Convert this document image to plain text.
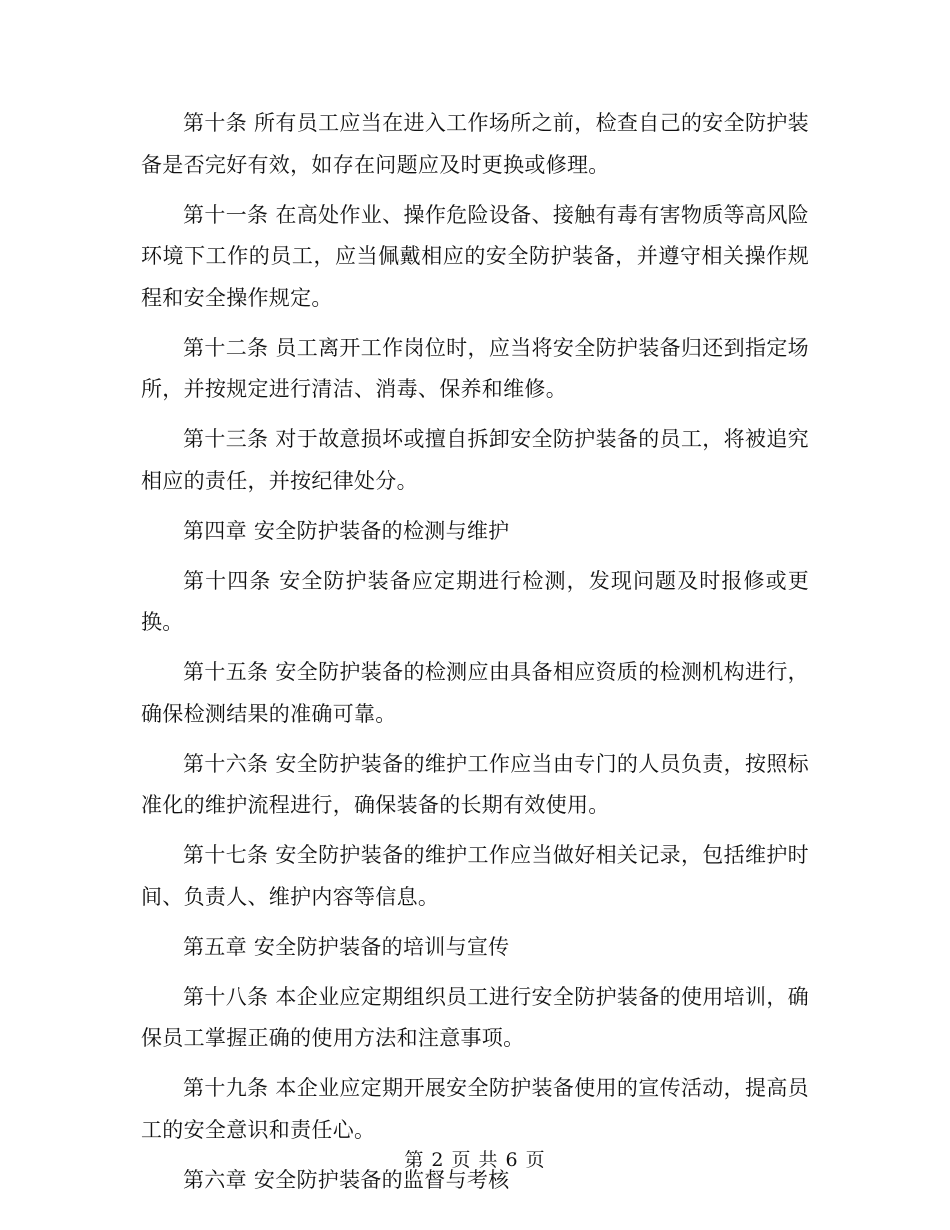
第十条 所有员工应当在进入工作场所之前，检查自己的安全防护装备是否完好有效，如存在问题应及时更换或修理。

第十一条 在高处作业、操作危险设备、接触有毒有害物质等高风险环境下工作的员工，应当佩戴相应的安全防护装备，并遵守相关操作规程和安全操作规定。

第十二条 员工离开工作岗位时，应当将安全防护装备归还到指定场所，并按规定进行清洁、消毒、保养和维修。

第十三条 对于故意损坏或擅自拆卸安全防护装备的员工，将被追究相应的责任，并按纪律处分。

第四章 安全防护装备的检测与维护

第十四条 安全防护装备应定期进行检测，发现问题及时报修或更换。

第十五条 安全防护装备的检测应由具备相应资质的检测机构进行，确保检测结果的准确可靠。

第十六条 安全防护装备的维护工作应当由专门的人员负责，按照标准化的维护流程进行，确保装备的长期有效使用。

第十七条 安全防护装备的维护工作应当做好相关记录，包括维护时间、负责人、维护内容等信息。

第五章 安全防护装备的培训与宣传

第十八条 本企业应定期组织员工进行安全防护装备的使用培训，确保员工掌握正确的使用方法和注意事项。

第十九条 本企业应定期开展安全防护装备使用的宣传活动，提高员工的安全意识和责任心。

第六章 安全防护装备的监督与考核

第 2 页 共 6 页
